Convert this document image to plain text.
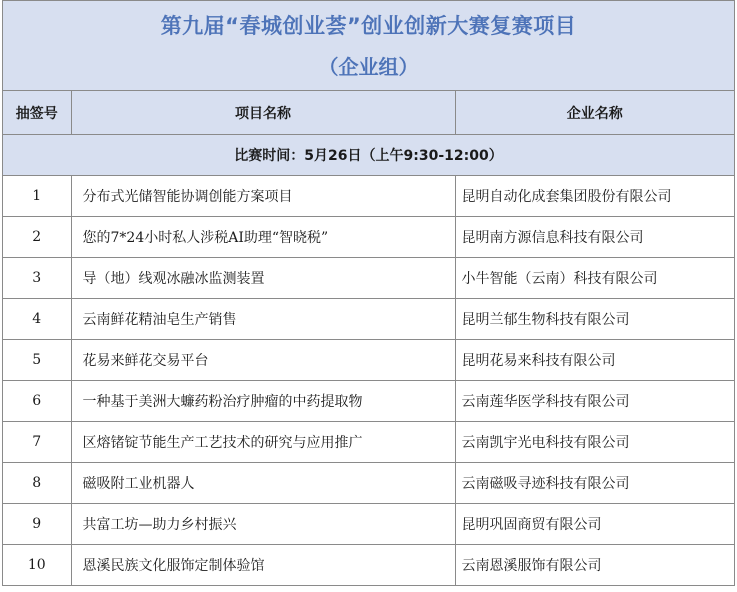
第九届“春城创业荟”创业创新大赛复赛项目
（企业组）
抽签号	项目名称	企业名称
比赛时间：5月26日（上午9:30-12:00）		
1	分布式光储智能协调创能方案项目	昆明自动化成套集团股份有限公司
2	您的7*24小时私人涉税AI助理“智晓税”	昆明南方源信息科技有限公司
3	导（地）线观冰融冰监测装置	小牛智能（云南）科技有限公司
4	云南鲜花精油皂生产销售	昆明兰郁生物科技有限公司
5	花易来鲜花交易平台	昆明花易来科技有限公司
6	一种基于美洲大蠊药粉治疗肿瘤的中药提取物	云南莲华医学科技有限公司
7	区熔锗锭节能生产工艺技术的研究与应用推广	云南凯宇光电科技有限公司
8	磁吸附工业机器人	云南磁吸寻迹科技有限公司
9	共富工坊—助力乡村振兴	昆明巩固商贸有限公司
10	恩溪民族文化服饰定制体验馆	云南恩溪服饰有限公司
